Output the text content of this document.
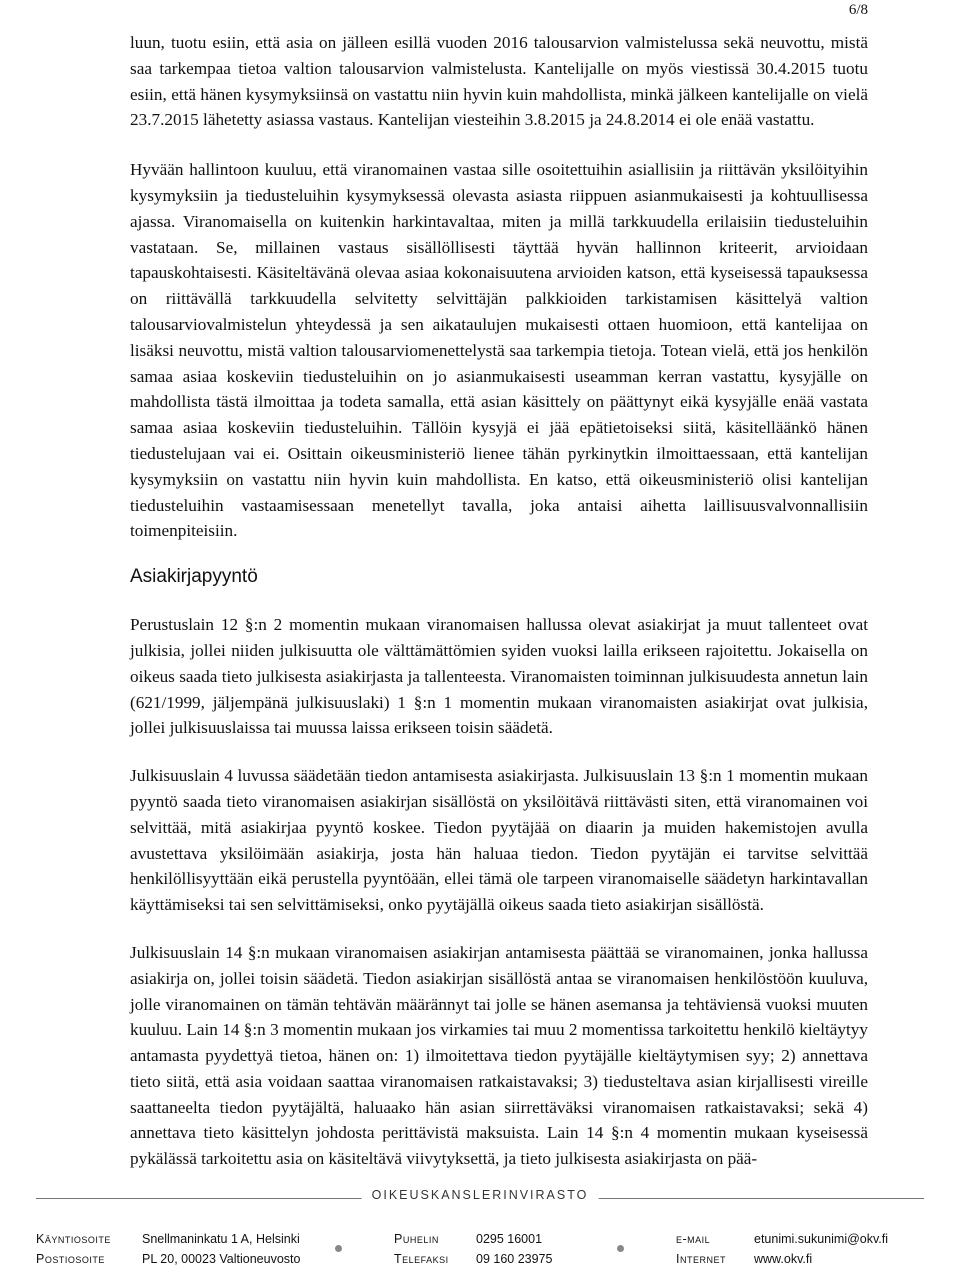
6/8

luun, tuotu esiin, että asia on jälleen esillä vuoden 2016 talousarvion valmistelussa sekä neuvottu, mistä saa tarkempaa tietoa valtion talousarvion valmistelusta. Kantelijalle on myös viestissä 30.4.2015 tuotu esiin, että hänen kysymyksiinsä on vastattu niin hyvin kuin mahdollista, minkä jälkeen kantelijalle on vielä 23.7.2015 lähetetty asiassa vastaus. Kantelijan viesteihin 3.8.2015 ja 24.8.2014 ei ole enää vastattu.

Hyvään hallintoon kuuluu, että viranomainen vastaa sille osoitettuihin asiallisiin ja riittävän yksilöityihin kysymyksiin ja tiedusteluihin kysymyksessä olevasta asiasta riippuen asianmukaisesti ja kohtuullisessa ajassa. Viranomaisella on kuitenkin harkintavaltaa, miten ja millä tarkkuudella erilaisiin tiedusteluihin vastataan. Se, millainen vastaus sisällöllisesti täyttää hyvän hallinnon kriteerit, arvioidaan tapauskohtaisesti. Käsiteltävänä olevaa asiaa kokonaisuutena arvioiden katson, että kyseisessä tapauksessa on riittävällä tarkkuudella selvitetty selvittäjän palkkioiden tarkistamisen käsittelyä valtion talousarviovalmistelun yhteydessä ja sen aikataulujen mukaisesti ottaen huomioon, että kantelijaa on lisäksi neuvottu, mistä valtion talousarviomenettelystä saa tarkempia tietoja. Totean vielä, että jos henkilön samaa asiaa koskeviin tiedusteluihin on jo asianmukaisesti useamman kerran vastattu, kysyjälle on mahdollista tästä ilmoittaa ja todeta samalla, että asian käsittely on päättynyt eikä kysyjälle enää vastata samaa asiaa koskeviin tiedusteluihin. Tällöin kysyjä ei jää epätietoiseksi siitä, käsitelläänkö hänen tiedustelujaan vai ei. Osittain oikeusministeriö lienee tähän pyrkinytkin ilmoittaessaan, että kantelijan kysymyksiin on vastattu niin hyvin kuin mahdollista. En katso, että oikeusministeriö olisi kantelijan tiedusteluihin vastaamisessaan menetellyt tavalla, joka antaisi aihetta laillisuusvalvonnallisiin toimenpiteisiin.

Asiakirjapyyntö

Perustuslain 12 §:n 2 momentin mukaan viranomaisen hallussa olevat asiakirjat ja muut tallenteet ovat julkisia, jollei niiden julkisuutta ole välttämättömien syiden vuoksi lailla erikseen rajoitettu. Jokaisella on oikeus saada tieto julkisesta asiakirjasta ja tallenteesta. Viranomaisten toiminnan julkisuudesta annetun lain (621/1999, jäljempänä julkisuuslaki) 1 §:n 1 momentin mukaan viranomaisten asiakirjat ovat julkisia, jollei julkisuuslaissa tai muussa laissa erikseen toisin säädetä.

Julkisuuslain 4 luvussa säädetään tiedon antamisesta asiakirjasta. Julkisuuslain 13 §:n 1 momentin mukaan pyyntö saada tieto viranomaisen asiakirjan sisällöstä on yksilöitävä riittävästi siten, että viranomainen voi selvittää, mitä asiakirjaa pyyntö koskee. Tiedon pyytäjää on diaarin ja muiden hakemistojen avulla avustettava yksilöimään asiakirja, josta hän haluaa tiedon. Tiedon pyytäjän ei tarvitse selvittää henkilöllisyyttään eikä perustella pyyntöään, ellei tämä ole tarpeen viranomaiselle säädetyn harkintavallan käyttämiseksi tai sen selvittämiseksi, onko pyytäjällä oikeus saada tieto asiakirjan sisällöstä.

Julkisuuslain 14 §:n mukaan viranomaisen asiakirjan antamisesta päättää se viranomainen, jonka hallussa asiakirja on, jollei toisin säädetä. Tiedon asiakirjan sisällöstä antaa se viranomaisen henkilöstöön kuuluva, jolle viranomainen on tämän tehtävän määrännyt tai jolle se hänen asemansa ja tehtäviensä vuoksi muuten kuuluu. Lain 14 §:n 3 momentin mukaan jos virkamies tai muu 2 momentissa tarkoitettu henkilö kieltäytyy antamasta pyydettyä tietoa, hänen on: 1) ilmoitettava tiedon pyytäjälle kieltäytymisen syy; 2) annettava tieto siitä, että asia voidaan saattaa viranomaisen ratkaistavaksi; 3) tiedusteltava asian kirjallisesti vireille saattaneelta tiedon pyytäjältä, haluaako hän asian siirrettäväksi viranomaisen ratkaistavaksi; sekä 4) annettava tieto käsittelyn johdosta perittävistä maksuista. Lain 14 §:n 4 momentin mukaan kyseisessä pykälässä tarkoitettu asia on käsiteltävä viivytyksettä, ja tieto julkisesta asiakirjasta on pää-

OIKEUSKANSLERINVIRASTO
Käyntiosoite Snellmaninkatu 1 A, Helsinki	Puhelin	0295 16001	e-mail	etunimi.sukunimi@okv.fi
Postiosoite	PL 20, 00023 Valtioneuvosto	Telefaksi 09 160 23975	Internet www.okv.fi
